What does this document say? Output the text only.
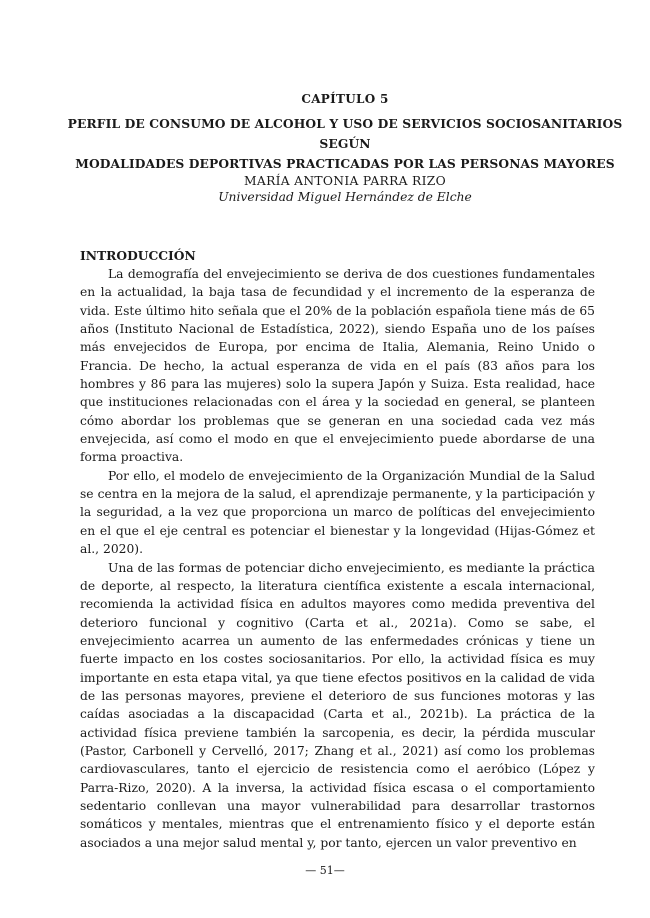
CAPÍTULO 5
PERFIL DE CONSUMO DE ALCOHOL Y USO DE SERVICIOS SOCIOSANITARIOS SEGÚN
MODALIDADES DEPORTIVAS PRACTICADAS POR LAS PERSONAS MAYORES
MARÍA ANTONIA PARRA RIZO
Universidad Miguel Hernández de Elche
INTRODUCCIÓN

La demografía del envejecimiento se deriva de dos cuestiones fundamentales en la actualidad, la baja tasa de fecundidad y el incremento de la esperanza de vida. Este último hito señala que el 20% de la población española tiene más de 65 años (Instituto Nacional de Estadística, 2022), siendo España uno de los países más envejecidos de Europa, por encima de Italia, Alemania, Reino Unido o Francia. De hecho, la actual esperanza de vida en el país (83 años para los hombres y 86 para las mujeres) solo la supera Japón y Suiza. Esta realidad, hace que instituciones relacionadas con el área y la sociedad en general, se planteen cómo abordar los problemas que se generan en una sociedad cada vez más envejecida, así como el modo en que el envejecimiento puede abordarse de una forma proactiva.

Por ello, el modelo de envejecimiento de la Organización Mundial de la Salud se centra en la mejora de la salud, el aprendizaje permanente, y la participación y la seguridad, a la vez que proporciona un marco de políticas del envejecimiento en el que el eje central es potenciar el bienestar y la longevidad (Hijas-Gómez et al., 2020).

Una de las formas de potenciar dicho envejecimiento, es mediante la práctica de deporte, al respecto, la literatura científica existente a escala internacional, recomienda la actividad física en adultos mayores como medida preventiva del deterioro funcional y cognitivo (Carta et al., 2021a). Como se sabe, el envejecimiento acarrea un aumento de las enfermedades crónicas y tiene un fuerte impacto en los costes sociosanitarios. Por ello, la actividad física es muy importante en esta etapa vital, ya que tiene efectos positivos en la calidad de vida de las personas mayores, previene el deterioro de sus funciones motoras y las caídas asociadas a la discapacidad (Carta et al., 2021b). La práctica de la actividad física previene también la sarcopenia, es decir, la pérdida muscular (Pastor, Carbonell y Cervelló, 2017; Zhang et al., 2021) así como los problemas cardiovasculares, tanto el ejercicio de resistencia como el aeróbico (López y Parra-Rizo, 2020). A la inversa, la actividad física escasa o el comportamiento sedentario conllevan una mayor vulnerabilidad para desarrollar trastornos somáticos y mentales, mientras que el entrenamiento físico y el deporte están asociados a una mejor salud mental y, por tanto, ejercen un valor preventivo en

— 51—
